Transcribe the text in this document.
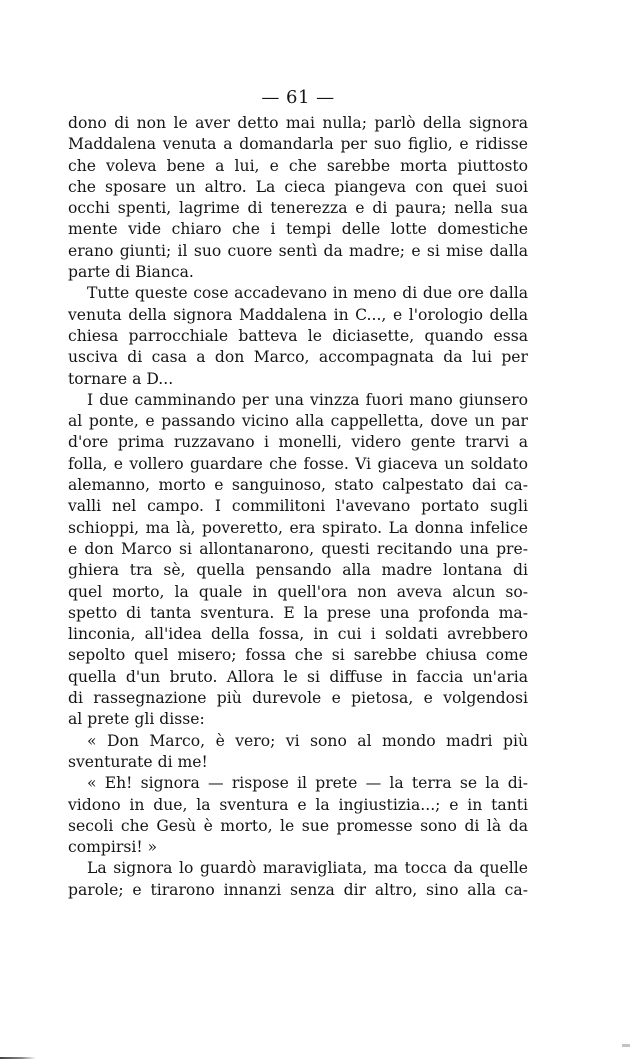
— 61 —
dono di non le aver detto mai nulla; parlò della signora
Maddalena venuta a domandarla per suo figlio, e ridisse
che voleva bene a lui, e che sarebbe morta piuttosto
che sposare un altro. La cieca piangeva con quei suoi
occhi spenti, lagrime di tenerezza e di paura; nella sua
mente vide chiaro che i tempi delle lotte domestiche
erano giunti; il suo cuore sentì da madre; e si mise dalla
parte di Bianca.
Tutte queste cose accadevano in meno di due ore dalla
venuta della signora Maddalena in C..., e l'orologio della
chiesa parrocchiale batteva le diciasette, quando essa
usciva di casa a don Marco, accompagnata da lui per
tornare a D...
I due camminando per una vinzza fuori mano giunsero
al ponte, e passando vicino alla cappelletta, dove un par
d'ore prima ruzzavano i monelli, videro gente trarvi a
folla, e vollero guardare che fosse. Vi giaceva un soldato
alemanno, morto e sanguinoso, stato calpestato dai ca-
valli nel campo. I commilitoni l'avevano portato sugli
schioppi, ma là, poveretto, era spirato. La donna infelice
e don Marco si allontanarono, questi recitando una pre-
ghiera tra sè, quella pensando alla madre lontana di
quel morto, la quale in quell'ora non aveva alcun so-
spetto di tanta sventura. E la prese una profonda ma-
linconia, all'idea della fossa, in cui i soldati avrebbero
sepolto quel misero; fossa che si sarebbe chiusa come
quella d'un bruto. Allora le si diffuse in faccia un'aria
di rassegnazione più durevole e pietosa, e volgendosi
al prete gli disse:
« Don Marco, è vero; vi sono al mondo madri più
sventurate di me!
« Eh! signora — rispose il prete — la terra se la di-
vidono in due, la sventura e la ingiustizia...; e in tanti
secoli che Gesù è morto, le sue promesse sono di là da
compirsi! »
La signora lo guardò maravigliata, ma tocca da quelle
parole; e tirarono innanzi senza dir altro, sino alla ca-
